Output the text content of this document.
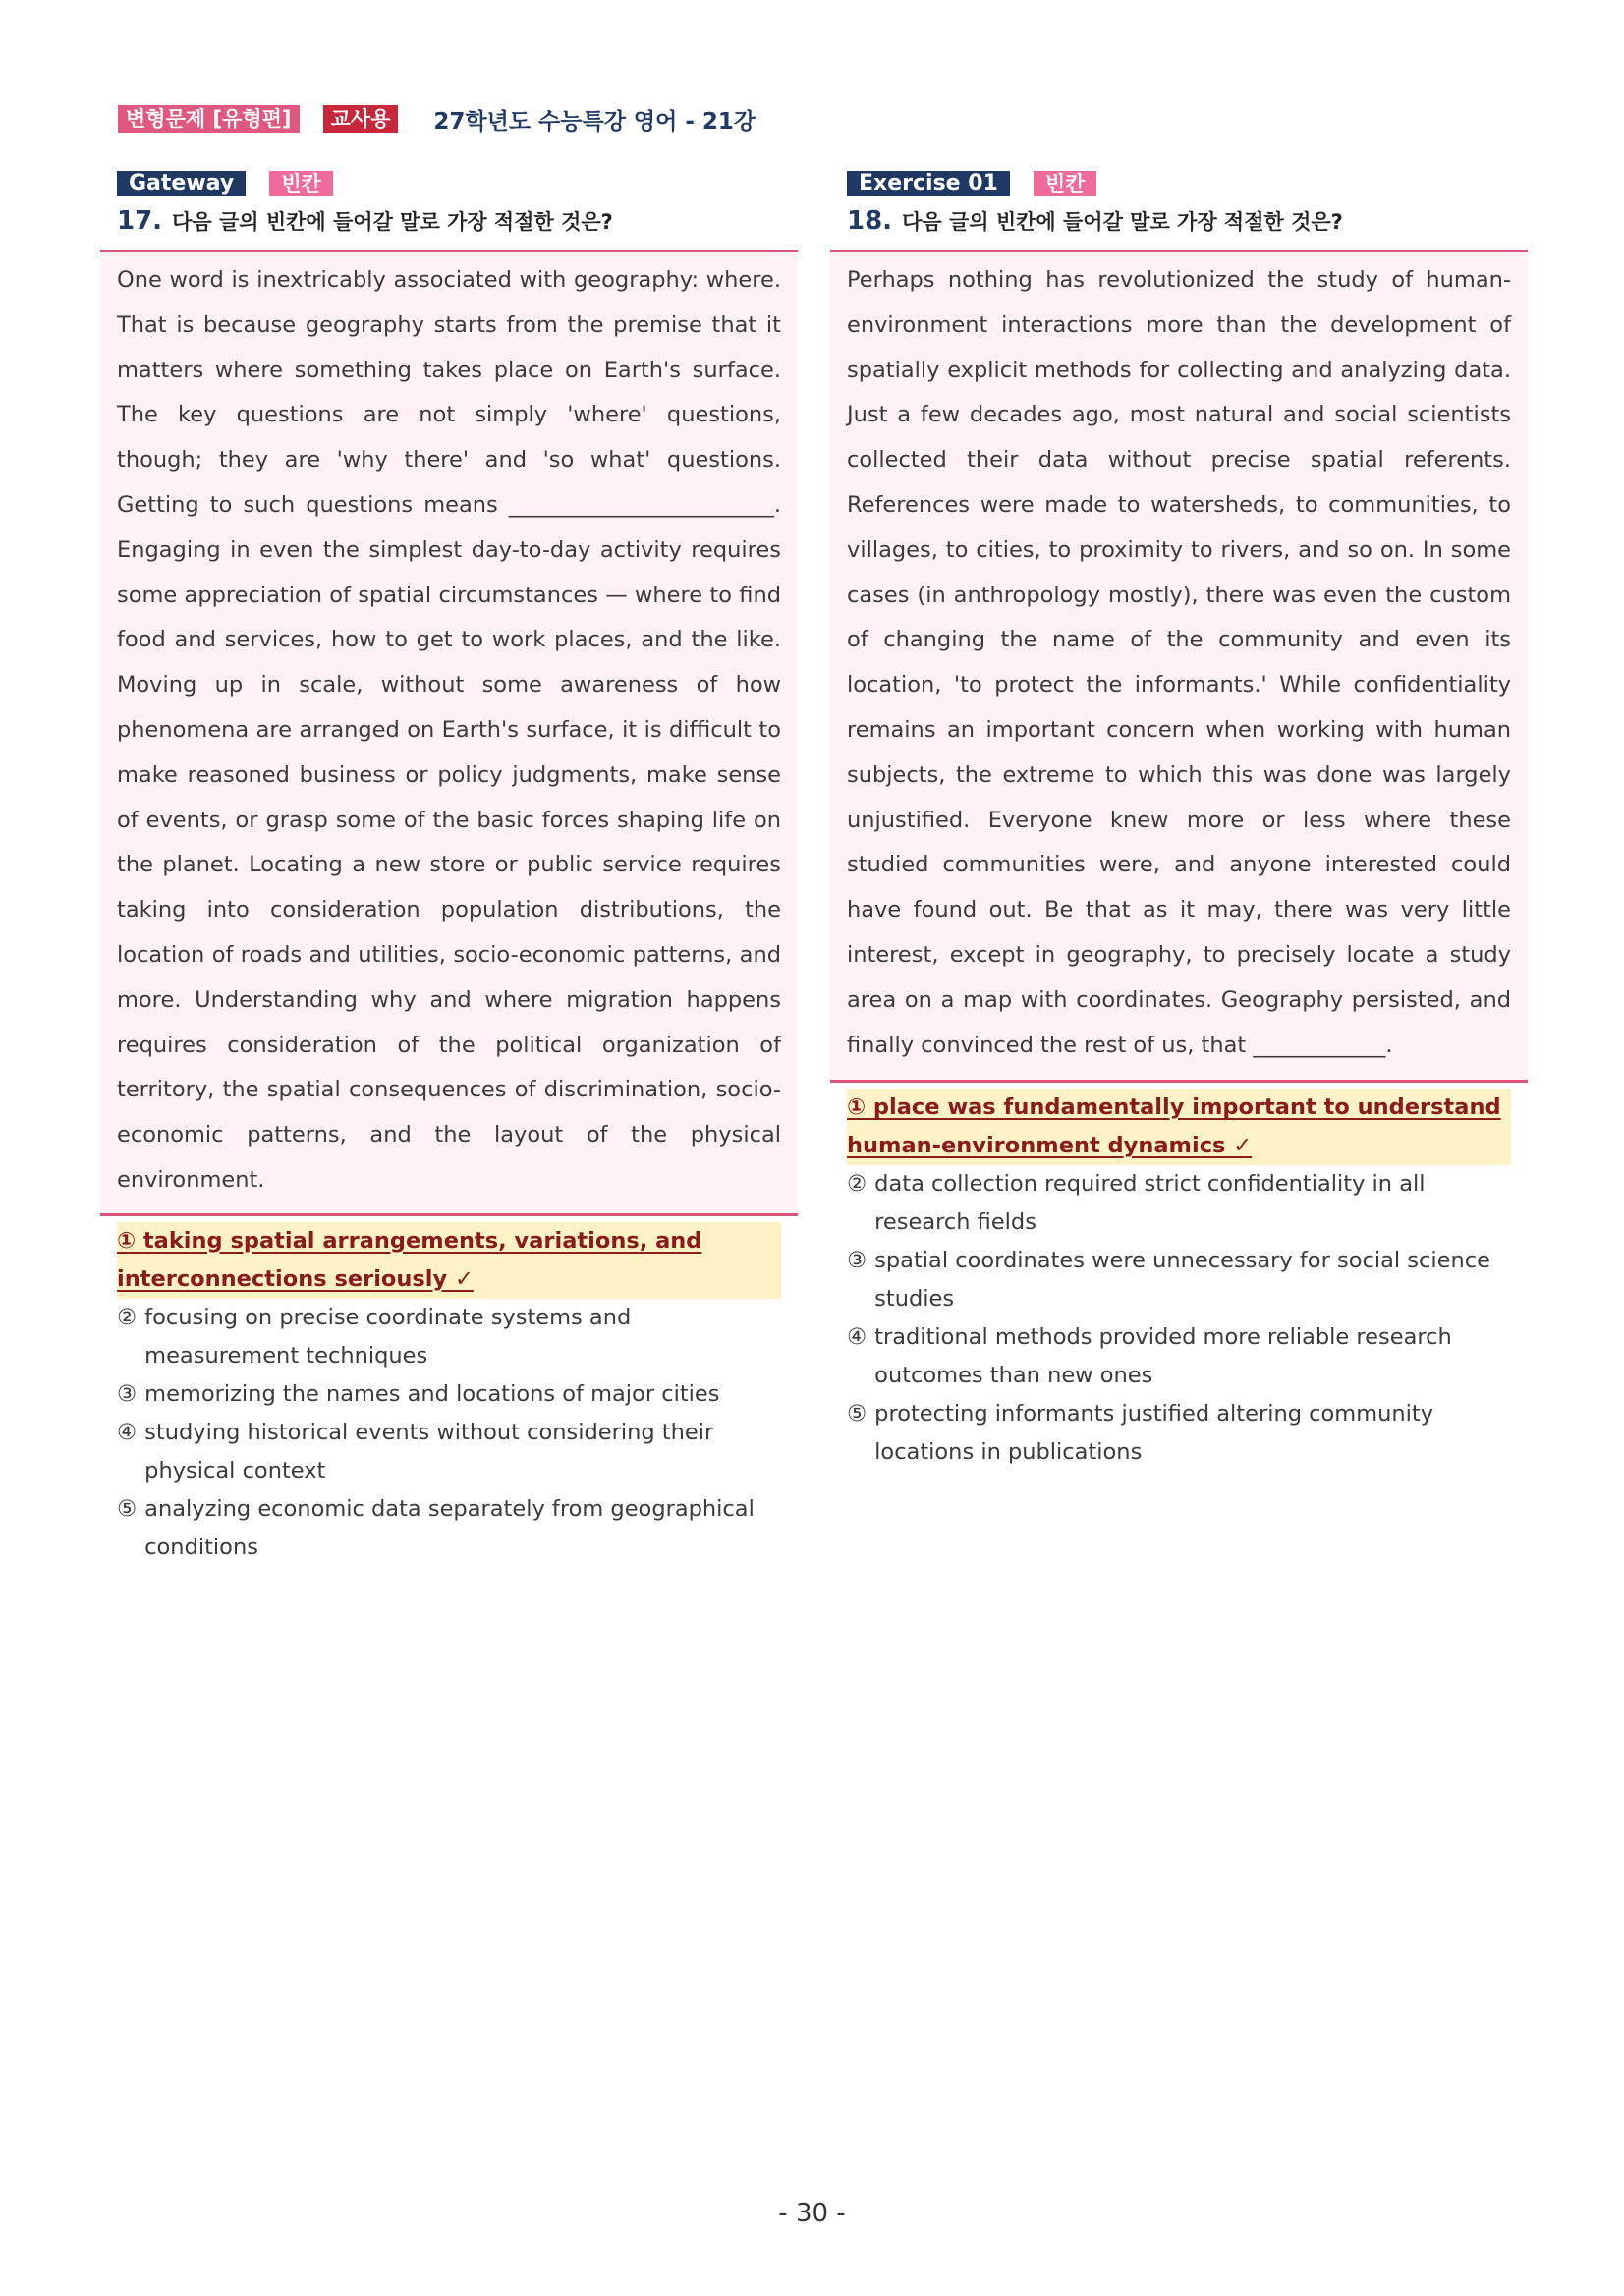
변형문제 [유형편]	교사용	27학년도 수능특강 영어 - 21강
Gateway	빈칸
17. 다음 글의 빈칸에 들어갈 말로 가장 적절한 것은?
One word is inextricably associated with geography: where. That is because geography starts from the premise that it matters where something takes place on Earth's surface. The key questions are not simply 'where' questions, though; they are 'why there' and 'so what' questions. Getting to such questions means ________________________. Engaging in even the simplest day-to-day activity requires some appreciation of spatial circumstances — where to find food and services, how to get to work places, and the like. Moving up in scale, without some awareness of how phenomena are arranged on Earth's surface, it is difficult to make reasoned business or policy judgments, make sense of events, or grasp some of the basic forces shaping life on the planet. Locating a new store or public service requires taking into consideration population distributions, the location of roads and utilities, socio-economic patterns, and more. Understanding why and where migration happens requires consideration of the political organization of territory, the spatial consequences of discrimination, socio-economic patterns, and the layout of the physical environment.
① taking spatial arrangements, variations, and interconnections seriously ✓
② focusing on precise coordinate systems and measurement techniques
③ memorizing the names and locations of major cities
④ studying historical events without considering their physical context
⑤ analyzing economic data separately from geographical conditions
Exercise 01	빈칸
18. 다음 글의 빈칸에 들어갈 말로 가장 적절한 것은?
Perhaps nothing has revolutionized the study of human-environment interactions more than the development of spatially explicit methods for collecting and analyzing data. Just a few decades ago, most natural and social scientists collected their data without precise spatial referents. References were made to watersheds, to communities, to villages, to cities, to proximity to rivers, and so on. In some cases (in anthropology mostly), there was even the custom of changing the name of the community and even its location, 'to protect the informants.' While confidentiality remains an important concern when working with human subjects, the extreme to which this was done was largely unjustified. Everyone knew more or less where these studied communities were, and anyone interested could have found out. Be that as it may, there was very little interest, except in geography, to precisely locate a study area on a map with coordinates. Geography persisted, and finally convinced the rest of us, that ____________.
① place was fundamentally important to understand human-environment dynamics ✓
② data collection required strict confidentiality in all research fields
③ spatial coordinates were unnecessary for social science studies
④ traditional methods provided more reliable research outcomes than new ones
⑤ protecting informants justified altering community locations in publications
- 30 -
